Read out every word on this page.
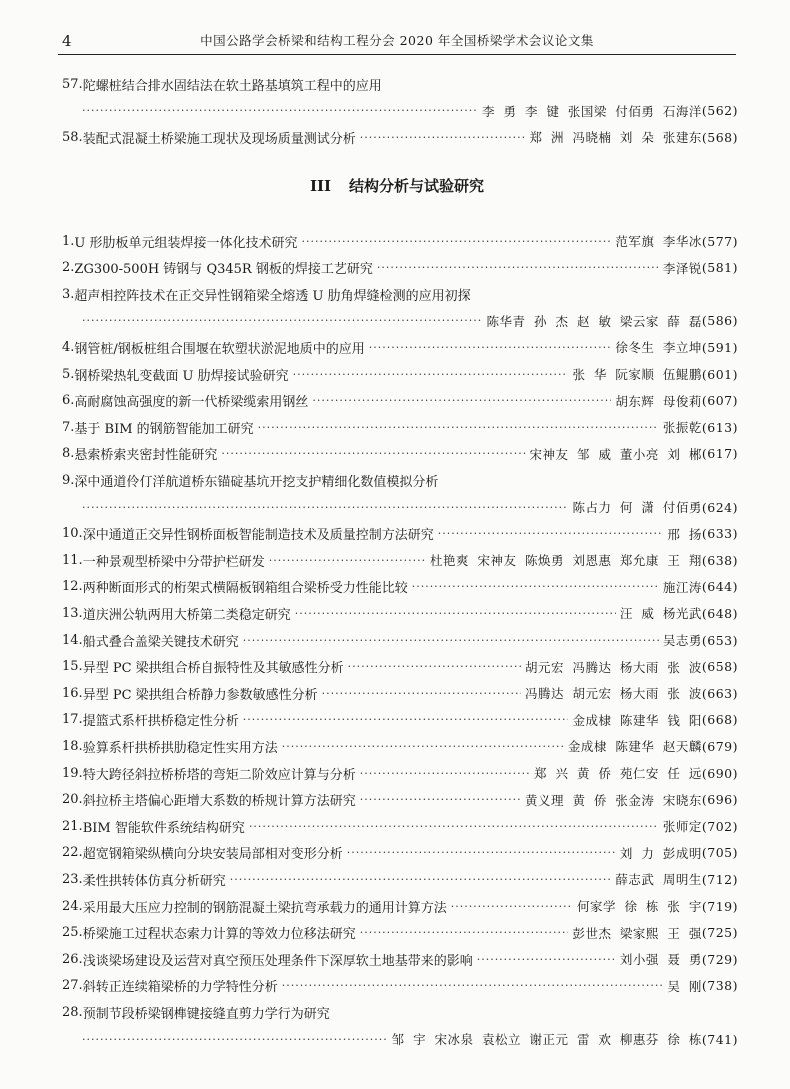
4	中国公路学会桥梁和结构工程分会 2020 年全国桥梁学术会议论文集
57. 陀螺桩结合排水固结法在软土路基填筑工程中的应用
·····
李 勇 李 键 张国梁 付佰勇 石海洋 (562)
58. 装配式混凝土桥梁施工现状及现场质量测试分析 ·····	郑 洲 冯晓楠 刘 朵 张建东 (568)
III 结构分析与试验研究
1. U 形肋板单元组装焊接一体化技术研究 ·····	范军旗 李华冰 (577)
2. ZG300-500H 铸钢与 Q345R 钢板的焊接工艺研究 ·····	李泽锐 (581)
3. 超声相控阵技术在正交异性钢箱梁全熔透 U 肋角焊缝检测的应用初探
·····
陈华青 孙 杰 赵 敏 梁云家 薛 磊 (586)
4. 钢管桩/钢板桩组合围堰在软塑状淤泥地质中的应用 ·····	徐冬生 李立坤 (591)
5. 钢桥梁热轧变截面 U 肋焊接试验研究 ·····	张 华 阮家顺 伍鲲鹏 (601)
6. 高耐腐蚀高强度的新一代桥梁缆索用钢丝 ·····	胡东辉 母俊莉 (607)
7. 基于 BIM 的钢筋智能加工研究 ·····	张振乾 (613)
8. 悬索桥索夹密封性能研究 ·····	宋神友 邹 威 董小亮 刘 郴 (617)
9. 深中通道伶仃洋航道桥东锚碇基坑开挖支护精细化数值模拟分析
·····
陈占力 何 潇 付佰勇 (624)
10. 深中通道正交异性钢桥面板智能制造技术及质量控制方法研究 ·····	邢 扬 (633)
11. 一种景观型桥梁中分带护栏研发 ·····	杜艳爽 宋神友 陈焕勇 刘恩惠 郑允康 王 翔 (638)
12. 两种断面形式的桁架式横隔板钢箱组合梁桥受力性能比较 ·····	施江涛 (644)
13. 道庆洲公轨两用大桥第二类稳定研究 ·····	汪 威 杨光武 (648)
14. 船式叠合盖梁关键技术研究 ·····	吴志勇 (653)
15. 异型 PC 梁拱组合桥自振特性及其敏感性分析 ·····	胡元宏 冯腾达 杨大雨 张 波 (658)
16. 异型 PC 梁拱组合桥静力参数敏感性分析 ·····	冯腾达 胡元宏 杨大雨 张 波 (663)
17. 提篮式系杆拱桥稳定性分析 ·····	金成棣 陈建华 钱 阳 (668)
18. 验算系杆拱桥拱肋稳定性实用方法 ·····	金成棣 陈建华 赵天麟 (679)
19. 特大跨径斜拉桥桥塔的弯矩二阶效应计算与分析 ·····	郑 兴 黄 侨 苑仁安 任 远 (690)
20. 斜拉桥主塔偏心距增大系数的桥规计算方法研究 ·····	黄义理 黄 侨 张金涛 宋晓东 (696)
21. BIM 智能软件系统结构研究 ·····	张师定 (702)
22. 超宽钢箱梁纵横向分块安装局部相对变形分析 ·····	刘 力 彭成明 (705)
23. 柔性拱转体仿真分析研究 ·····	薛志武 周明生 (712)
24. 采用最大压应力控制的钢筋混凝土梁抗弯承载力的通用计算方法 ·····	何家学 徐 栋 张 宇 (719)
25. 桥梁施工过程状态索力计算的等效力位移法研究 ·····	彭世杰 梁家熙 王 强 (725)
26. 浅谈梁场建设及运营对真空预压处理条件下深厚软土地基带来的影响 ·····	刘小强 聂 勇 (729)
27. 斜转正连续箱梁桥的力学特性分析 ·····	吴 刚 (738)
28. 预制节段桥梁钢榫键接缝直剪力学行为研究
·····
邹 宇 宋冰泉 袁松立 谢正元 雷 欢 柳惠芬 徐 栋 (741)
